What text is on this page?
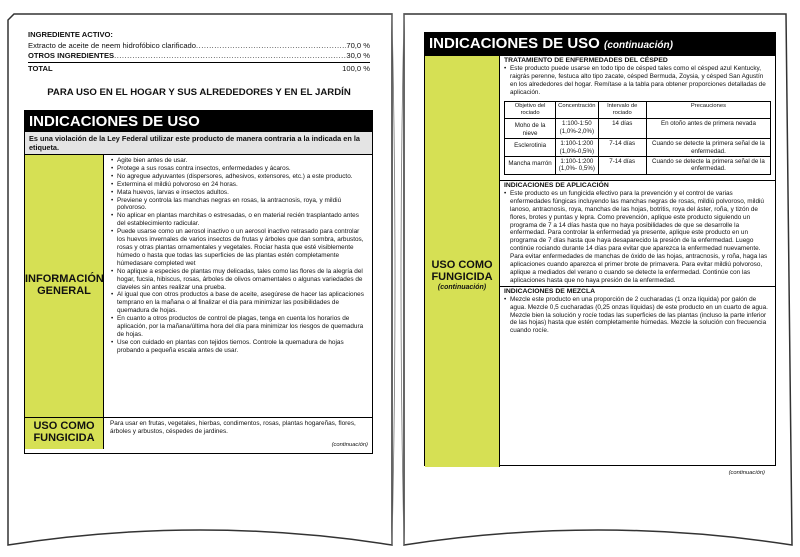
INGREDIENTE ACTIVO:
Extracto de aceite de neem hidrofóbico clarificado .....	70,0 %
OTROS INGREDIENTES .....	30,0 %
TOTAL	100,0 %
PARA USO EN EL HOGAR Y SUS ALREDEDORES Y EN EL JARDÍN
INDICACIONES DE USO
Es una violación de la Ley Federal utilizar este producto de manera contraria a la indicada en la etiqueta.
INFORMACIÓN
GENERAL
• Agite bien antes de usar.
• Protege a sus rosas contra insectos, enfermedades y ácaros.
• No agregue adyuvantes (dispersores, adhesivos, extensores, etc.) a este producto.
• Extermina el mildiú polvoroso en 24 horas.
• Mata huevos, larvas e insectos adultos.
• Previene y controla las manchas negras en rosas, la antracnosis, roya, y mildiú polvoroso.
• No aplicar en plantas marchitas o estresadas, o en material recién trasplantado antes del establecimiento radicular.
• Puede usarse como un aerosol inactivo o un aerosol inactivo retrasado para controlar los huevos invernales de varios insectos de frutas y árboles que dan sombra, arbustos, rosas y otras plantas ornamentales y vegetales. Rociar hasta que esté visiblemente húmedo o hasta que todas las superficies de las plantas estén completamente húmedasare completed wet
• No aplique a especies de plantas muy delicadas, tales como las flores de la alegría del hogar, fucsia, hibiscus, rosas, árboles de olivos ornamentales o algunas variedades de claveles sin antes realizar una prueba.
• Al igual que con otros productos a base de aceite, asegúrese de hacer las aplicaciones temprano en la mañana o al finalizar el día para minimizar las posibilidades de quemadura de hojas.
• En cuanto a otros productos de control de plagas, tenga en cuenta los horarios de aplicación, por la mañana/última hora del día para minimizar los riesgos de quemadura de hojas.
• Use con cuidado en plantas con tejidos tiernos. Controle la quemadura de hojas probando a pequeña escala antes de usar.
USO COMO
FUNGICIDA
Para usar en frutas, vegetales, hierbas, condimentos, rosas, plantas hogareñas, flores, árboles y arbustos, céspedes de jardines.
(continuación)
INDICACIONES DE USO (continuación)
USO COMO
FUNGICIDA
(continuación)
TRATAMIENTO DE ENFERMEDADES DEL CÉSPED
• Este producto puede usarse en todo tipo de césped tales como el césped azul Kentucky, raigrás perenne, festuca alto tipo zacate, césped Bermuda, Zoysia, y césped San Agustín en los alrededores del hogar. Remítase a la tabla para obtener proporciones detalladas de aplicación.
Objetivo del rociado	Concentración	Intervalo de rociado	Precauciones
Moho de la nieve	1:100-1:50
(1,0%-2,0%)	14 días	En otoño antes de primera nevada
Esclerotinia	1:100-1:200
(1,0%-0,5%)	7-14 días	Cuando se detecte la primera señal de la enfermedad.
Mancha marrón	1:100-1:200
(1,0%- 0,5%)	7-14 días	Cuando se detecte la primera señal de la enfermedad.
INDICACIONES DE APLICACIÓN
• Este producto es un fungicida efectivo para la prevención y el control de varias enfermedades fúngicas incluyendo las manchas negras de rosas, mildiú polvoroso, mildiú lanoso, antracnosis, roya, manchas de las hojas, botritis, roya del áster, roña, y tizón de flores, brotes y puntas y lepra. Como prevención, aplique este producto siguiendo un programa de 7 a 14 días hasta que no haya posibilidades de que se desarrolle la enfermedad. Para controlar la enfermedad ya presente, aplique este producto en un programa de 7 días hasta que haya desaparecido la presión de la enfermedad. Luego continúe rociando durante 14 días para evitar que aparezca la enfermedad nuevamente. Para evitar enfermedades de manchas de óxido de las hojas, antracnosis, y roña, haga las aplicaciones cuando aparezca el primer brote de primavera. Para evitar mildiú polvoroso, aplique a mediados del verano o cuando se detecte la enfermedad. Continúe con las aplicaciones hasta que no haya presión de la enfermedad.
INDICACIONES DE MEZCLA
• Mezcle este producto en una proporción de 2 cucharadas (1 onza líquida) por galón de agua. Mezcle 0,5 cucharadas (0,25 onzas líquidas) de este producto en un cuarto de agua. Mezcle bien la solución y rocíe todas las superficies de las plantas (incluso la parte inferior de las hojas) hasta que estén completamente húmedas. Mezcle la solución con frecuencia cuando rocíe.
(continuación)
